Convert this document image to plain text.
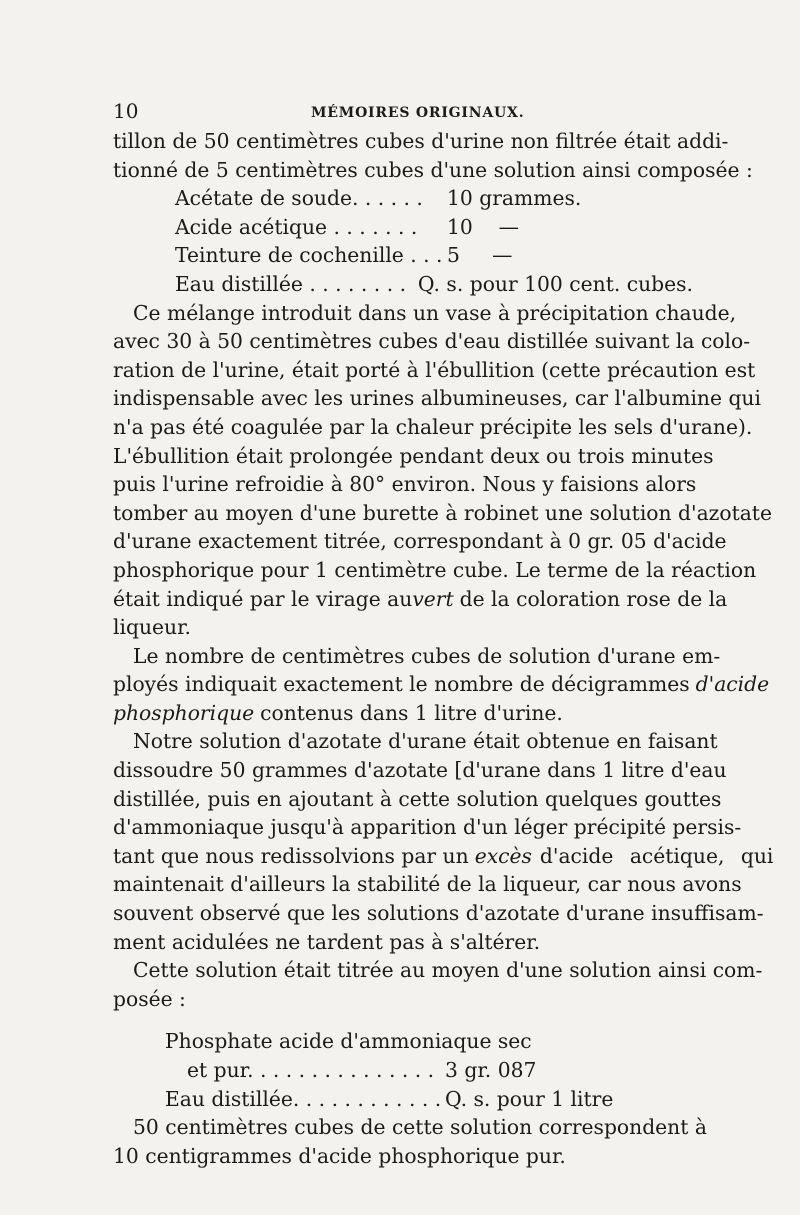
10	MÉMOIRES ORIGINAUX.
tillon de 50 centimètres cubes d'urine non filtrée était addi-
tionné de 5 centimètres cubes d'une solution ainsi composée :
Acétate de soude. . . . . .	10 grammes.
Acide acétique . . . . . . .	10    —
Teinture de cochenille . . . 5     —
Eau distillée . . . . . . . . Q. s. pour 100 cent. cubes.
Ce mélange introduit dans un vase à précipitation chaude,
avec 30 à 50 centimètres cubes d'eau distillée suivant la colo-
ration de l'urine, était porté à l'ébullition (cette précaution est
indispensable avec les urines albumineuses, car l'albumine qui
n'a pas été coagulée par la chaleur précipite les sels d'urane).
L'ébullition était prolongée pendant deux ou trois minutes
puis l'urine refroidie à 80° environ. Nous y faisions alors
tomber au moyen d'une burette à robinet une solution d'azotate
d'urane exactement titrée, correspondant à 0 gr. 05 d'acide
phosphorique pour 1 centimètre cube. Le terme de la réaction
était indiqué par le virage au vert de la coloration rose de la
liqueur.
Le nombre de centimètres cubes de solution d'urane em-
ployés indiquait exactement le nombre de décigrammes d'acide
phosphorique contenus dans 1 litre d'urine.
Notre solution d'azotate d'urane était obtenue en faisant
dissoudre 50 grammes d'azotate [d'urane dans 1 litre d'eau
distillée, puis en ajoutant à cette solution quelques gouttes
d'ammoniaque jusqu'à apparition d'un léger précipité persis-
tant que nous redissolvions par un excès d'acide acétique, qui
maintenait d'ailleurs la stabilité de la liqueur, car nous avons
souvent observé que les solutions d'azotate d'urane insuffisam-
ment acidulées ne tardent pas à s'altérer.
Cette solution était titrée au moyen d'une solution ainsi com-
posée :
Phosphate acide d'ammoniaque sec
et pur. . . . . . . . . . . . . . . 3 gr. 087
Eau distillée. . . . . . . . . . . . Q. s. pour 1 litre
50 centimètres cubes de cette solution correspondent à
10 centigrammes d'acide phosphorique pur.
